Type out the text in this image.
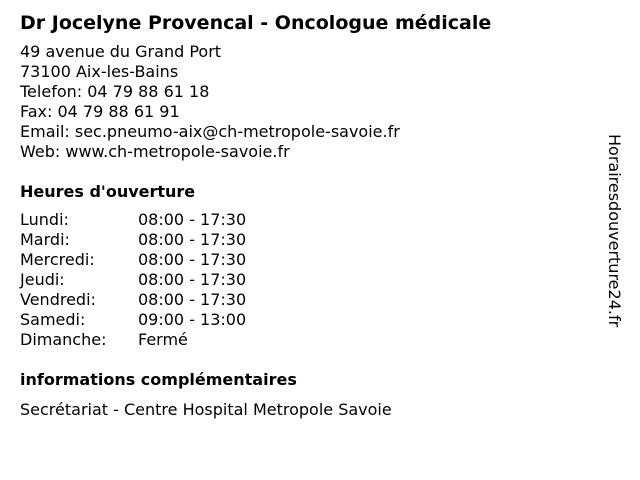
Dr Jocelyne Provencal - Oncologue médicale
49 avenue du Grand Port
73100 Aix-les-Bains
Telefon: 04 79 88 61 18
Fax: 04 79 88 61 91
Email: sec.pneumo-aix@ch-metropole-savoie.fr
Web: www.ch-metropole-savoie.fr
Heures d'ouverture
Lundi:	08:00 - 17:30
Mardi:	08:00 - 17:30
Mercredi:	08:00 - 17:30
Jeudi:	08:00 - 17:30
Vendredi:	08:00 - 17:30
Samedi:	09:00 - 13:00
Dimanche:	Fermé
informations complémentaires
Secrétariat - Centre Hospital Metropole Savoie
Horairesdouverture24.fr
